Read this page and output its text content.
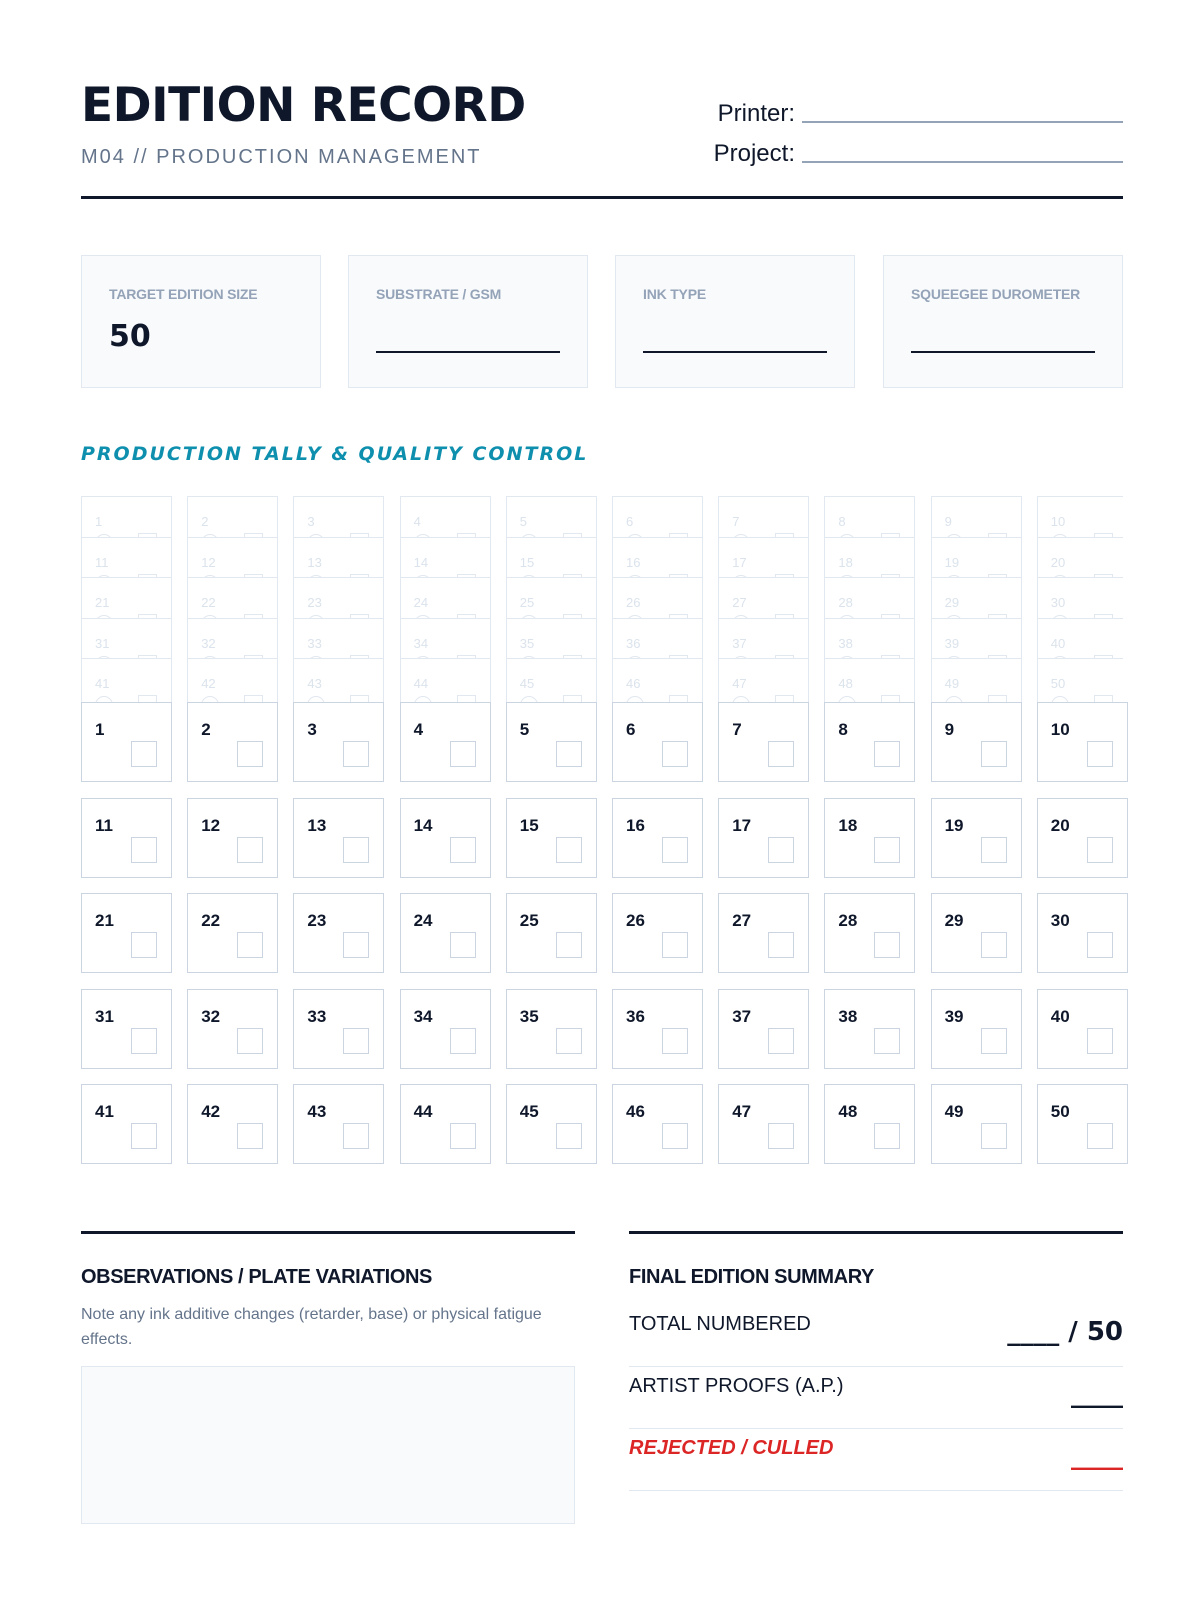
EDITION RECORD
M04 // PRODUCTION MANAGEMENT
Printer:
Project:
TARGET EDITION SIZE
50
SUBSTRATE / GSM	INK TYPE	SQUEEGEE DUROMETER
PRODUCTION TALLY & QUALITY CONTROL
1	2	3	4	5	6	7	8	9	10
11	12	13	14	15	16	17	18	19	20
21	22	23	24	25	26	27	28	29	30
31	32	33	34	35	36	37	38	39	40
41	42	43	44	45	46	47	48	49	50
1	2	3	4	5	6	7	8	9	10
11	12	13	14	15	16	17	18	19	20
21	22	23	24	25	26	27	28	29	30
31	32	33	34	35	36	37	38	39	40
41	42	43	44	45	46	47	48	49	50
OBSERVATIONS / PLATE VARIATIONS
Note any ink additive changes (retarder, base) or physical fatigue effects.
FINAL EDITION SUMMARY
TOTAL NUMBERED	____ / 50
ARTIST PROOFS (A.P.)	____
REJECTED / CULLED	____
